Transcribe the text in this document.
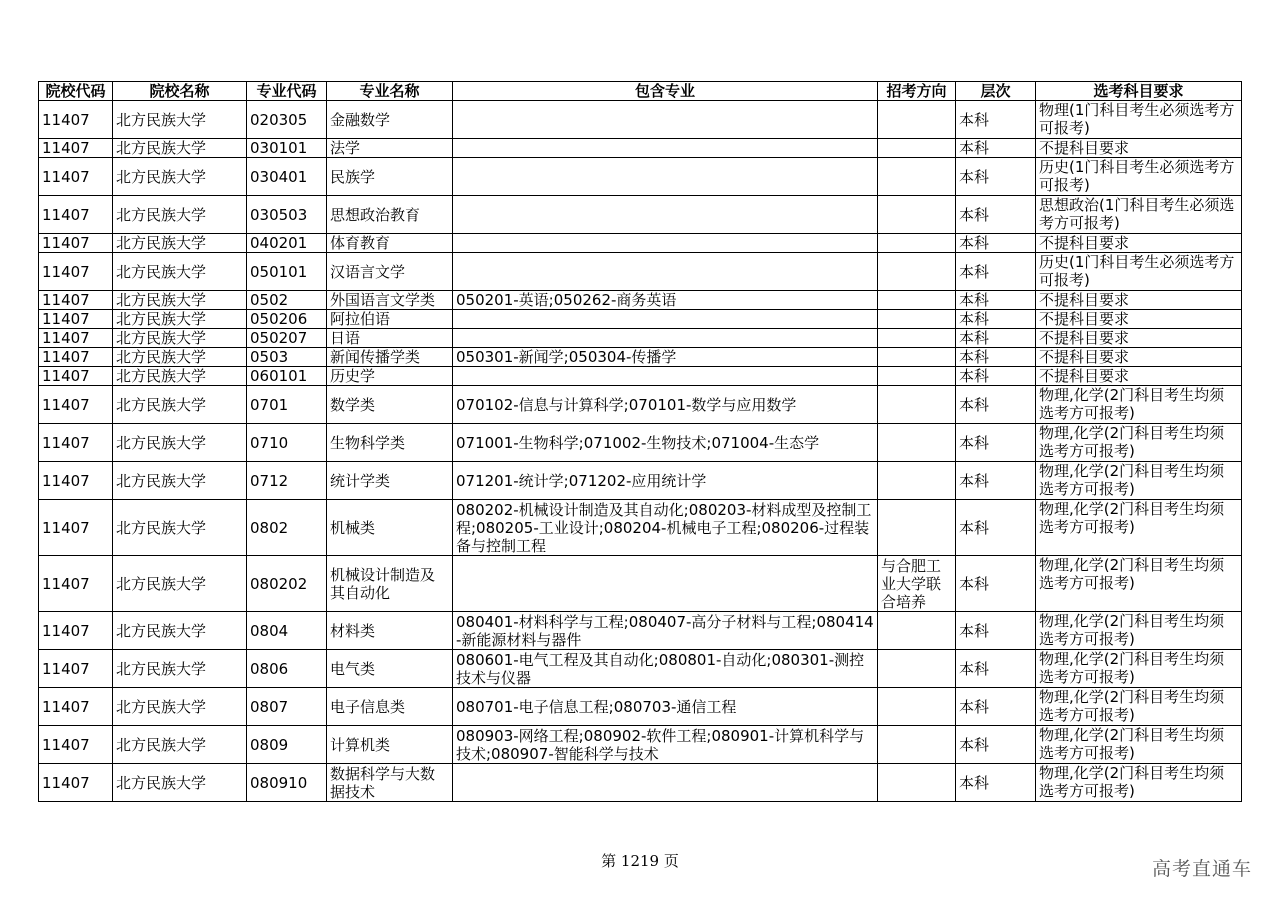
院校代码	院校名称	专业代码	专业名称	包含专业	招考方向	层次	选考科目要求
11407	北方民族大学	020305	金融数学			本科	物理(1门科目考生必须选考方可报考)
11407	北方民族大学	030101	法学			本科	不提科目要求
11407	北方民族大学	030401	民族学			本科	历史(1门科目考生必须选考方可报考)
11407	北方民族大学	030503	思想政治教育			本科	思想政治(1门科目考生必须选考方可报考)
11407	北方民族大学	040201	体育教育			本科	不提科目要求
11407	北方民族大学	050101	汉语言文学			本科	历史(1门科目考生必须选考方可报考)
11407	北方民族大学	0502	外国语言文学类	050201-英语;050262-商务英语		本科	不提科目要求
11407	北方民族大学	050206	阿拉伯语			本科	不提科目要求
11407	北方民族大学	050207	日语			本科	不提科目要求
11407	北方民族大学	0503	新闻传播学类	050301-新闻学;050304-传播学		本科	不提科目要求
11407	北方民族大学	060101	历史学			本科	不提科目要求
11407	北方民族大学	0701	数学类	070102-信息与计算科学;070101-数学与应用数学		本科	物理,化学(2门科目考生均须选考方可报考)
11407	北方民族大学	0710	生物科学类	071001-生物科学;071002-生物技术;071004-生态学		本科	物理,化学(2门科目考生均须选考方可报考)
11407	北方民族大学	0712	统计学类	071201-统计学;071202-应用统计学		本科	物理,化学(2门科目考生均须选考方可报考)
11407	北方民族大学	0802	机械类	080202-机械设计制造及其自动化;080203-材料成型及控制工程;080205-工业设计;080204-机械电子工程;080206-过程装备与控制工程		本科	物理,化学(2门科目考生均须选考方可报考)
11407	北方民族大学	080202	机械设计制造及其自动化		与合肥工业大学联合培养	本科	物理,化学(2门科目考生均须选考方可报考)
11407	北方民族大学	0804	材料类	080401-材料科学与工程;080407-高分子材料与工程;080414-新能源材料与器件		本科	物理,化学(2门科目考生均须选考方可报考)
11407	北方民族大学	0806	电气类	080601-电气工程及其自动化;080801-自动化;080301-测控技术与仪器		本科	物理,化学(2门科目考生均须选考方可报考)
11407	北方民族大学	0807	电子信息类	080701-电子信息工程;080703-通信工程		本科	物理,化学(2门科目考生均须选考方可报考)
11407	北方民族大学	0809	计算机类	080903-网络工程;080902-软件工程;080901-计算机科学与技术;080907-智能科学与技术		本科	物理,化学(2门科目考生均须选考方可报考)
11407	北方民族大学	080910	数据科学与大数据技术			本科	物理,化学(2门科目考生均须选考方可报考)
第 1219 页	高考直通车
